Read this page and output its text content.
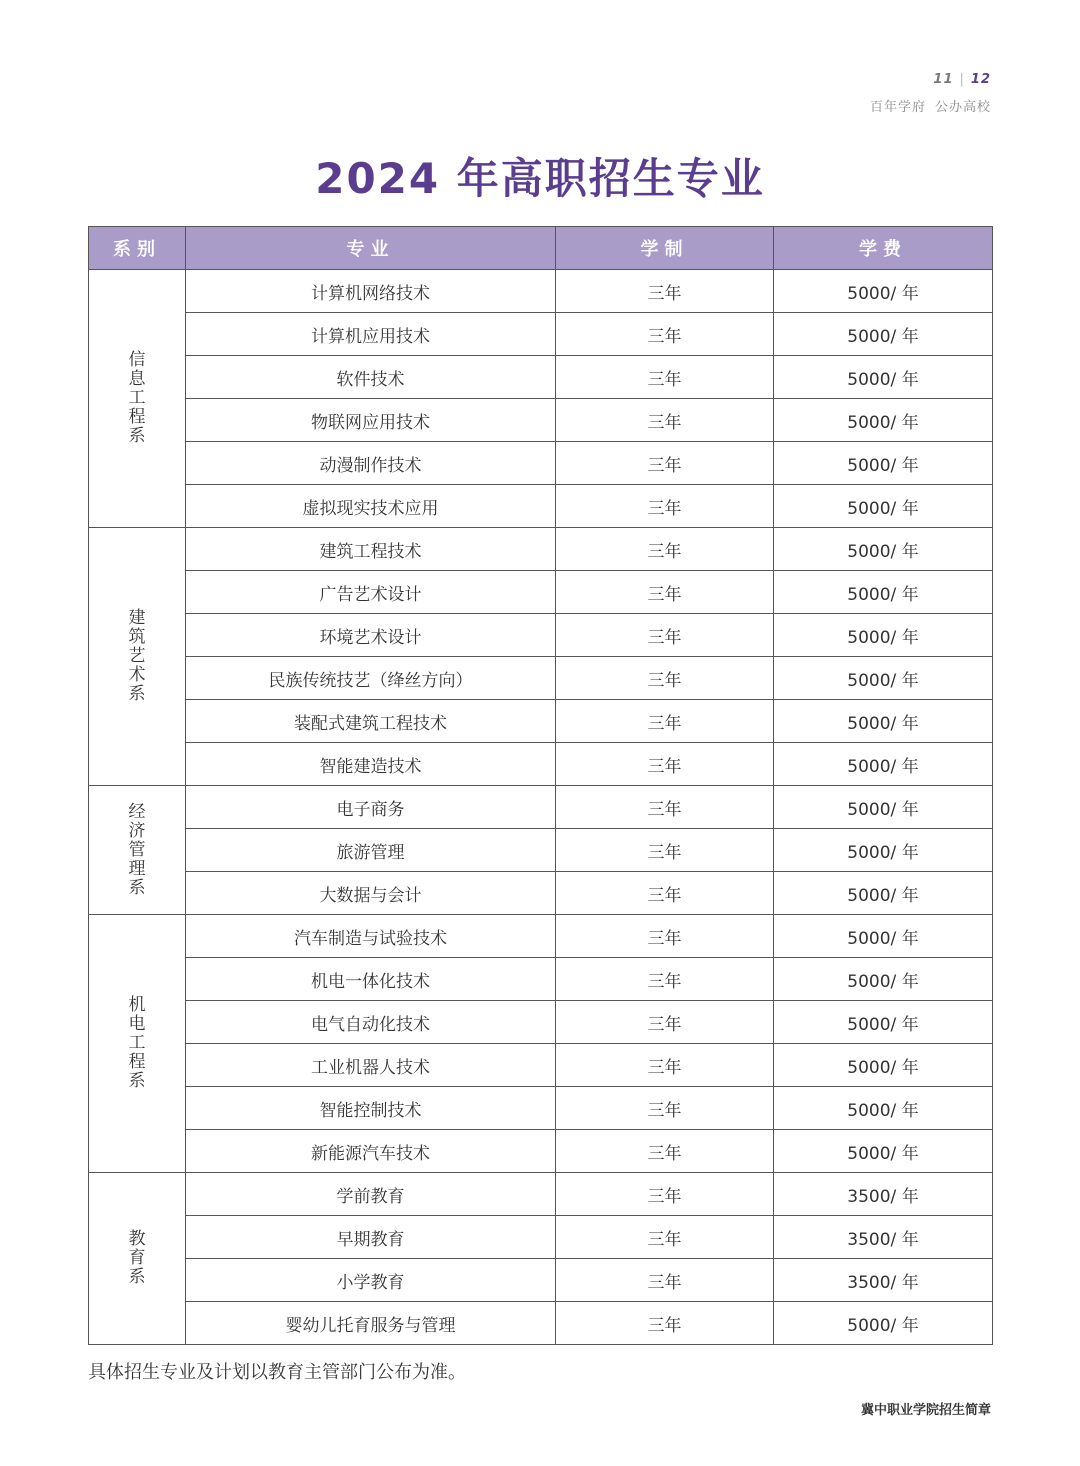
11 | 12
百年学府 公办高校
2024 年高职招生专业
系别	专业	学制	学费

信
息
工
程
系	计算机网络技术	三年	5000/ 年
	计算机应用技术	三年	5000/ 年
	软件技术	三年	5000/ 年
	物联网应用技术	三年	5000/ 年
	动漫制作技术	三年	5000/ 年
	虚拟现实技术应用	三年	5000/ 年

建
筑
艺
术
系	建筑工程技术	三年	5000/ 年
	广告艺术设计	三年	5000/ 年
	环境艺术设计	三年	5000/ 年
	民族传统技艺（绛丝方向）	三年	5000/ 年
	装配式建筑工程技术	三年	5000/ 年
	智能建造技术	三年	5000/ 年

经
济
管
理
系	电子商务	三年	5000/ 年
	旅游管理	三年	5000/ 年
	大数据与会计	三年	5000/ 年

机
电
工
程
系	汽车制造与试验技术	三年	5000/ 年
	机电一体化技术	三年	5000/ 年
	电气自动化技术	三年	5000/ 年
	工业机器人技术	三年	5000/ 年
	智能控制技术	三年	5000/ 年
	新能源汽车技术	三年	5000/ 年

教
育
系	学前教育	三年	3500/ 年
	早期教育	三年	3500/ 年
	小学教育	三年	3500/ 年
	婴幼儿托育服务与管理	三年	5000/ 年
具体招生专业及计划以教育主管部门公布为准。
冀中职业学院招生简章
